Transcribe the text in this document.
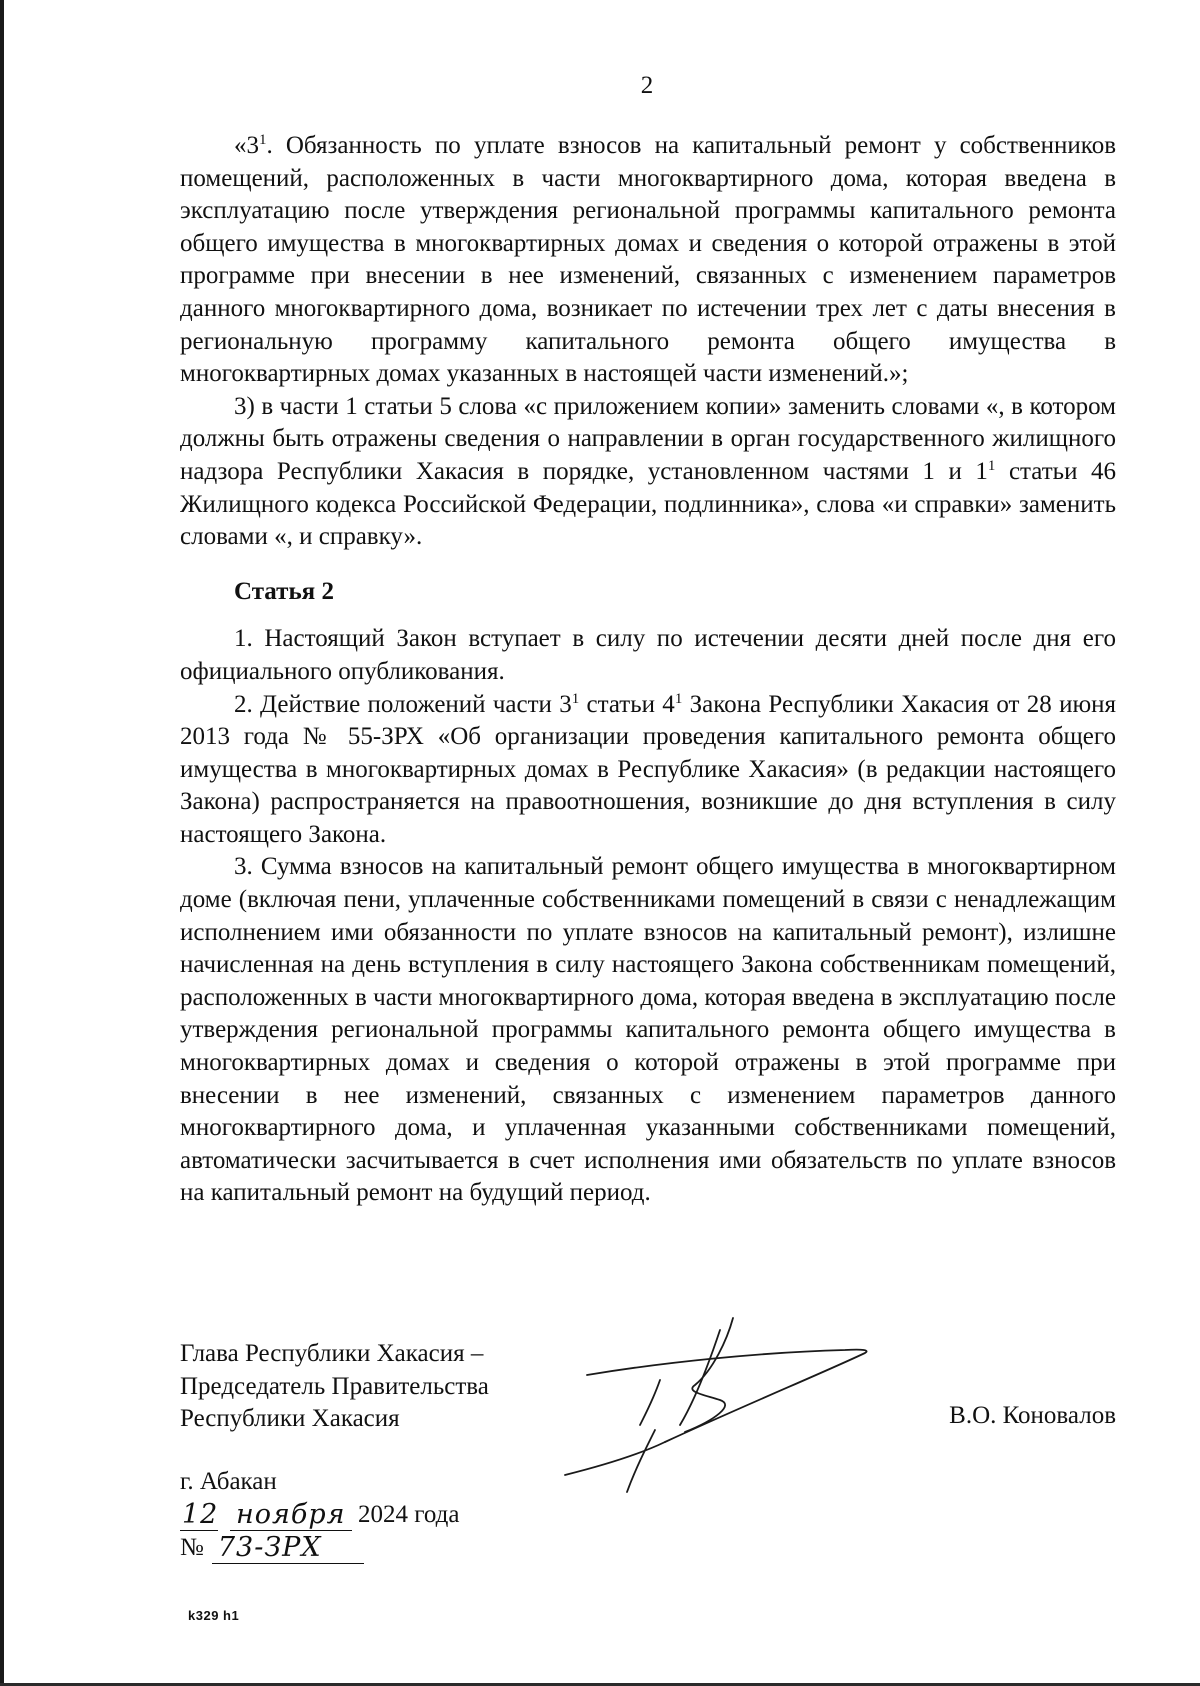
2

«$3^1$. Обязанность по уплате взносов на капитальный ремонт у собственников помещений, расположенных в части многоквартирного дома, которая введена в эксплуатацию после утверждения региональной программы капитального ремонта общего имущества в многоквартирных домах и сведения о которой отражены в этой программе при внесении в нее изменений, связанных с изменением параметров данного многоквартирного дома, возникает по истечении трех лет с даты внесения в региональную программу капитального ремонта общего имущества в многоквартирных домах указанных в настоящей части изменений.»;

3) в части 1 статьи 5 слова «с приложением копии» заменить словами «, в котором должны быть отражены сведения о направлении в орган государственного жилищного надзора Республики Хакасия в порядке, установленном частями 1 и $1^1$ статьи 46 Жилищного кодекса Российской Федерации, подлинника», слова «и справки» заменить словами «, и справку».

Статья 2

1. Настоящий Закон вступает в силу по истечении десяти дней после дня его официального опубликования.

2. Действие положений части $3^1$ статьи $4^1$ Закона Республики Хакасия от 28 июня 2013 года № 55-ЗРХ «Об организации проведения капитального ремонта общего имущества в многоквартирных домах в Республике Хакасия» (в редакции настоящего Закона) распространяется на правоотношения, возникшие до дня вступления в силу настоящего Закона.

3. Сумма взносов на капитальный ремонт общего имущества в многоквартирном доме (включая пени, уплаченные собственниками помещений в связи с ненадлежащим исполнением ими обязанности по уплате взносов на капитальный ремонт), излишне начисленная на день вступления в силу настоящего Закона собственникам помещений, расположенных в части многоквартирного дома, которая введена в эксплуатацию после утверждения региональной программы капитального ремонта общего имущества в многоквартирных домах и сведения о которой отражены в этой программе при внесении в нее изменений, связанных с изменением параметров данного многоквартирного дома, и уплаченная указанными собственниками помещений, автоматически засчитывается в счет исполнения ими обязательств по уплате взносов на капитальный ремонт на будущий период.

Глава Республики Хакасия –
Председатель Правительства
Республики Хакасия	В.О. Коновалов
г. Абакан
12 ноября 2024 года
№ 73-ЗРХ
k329 h1
